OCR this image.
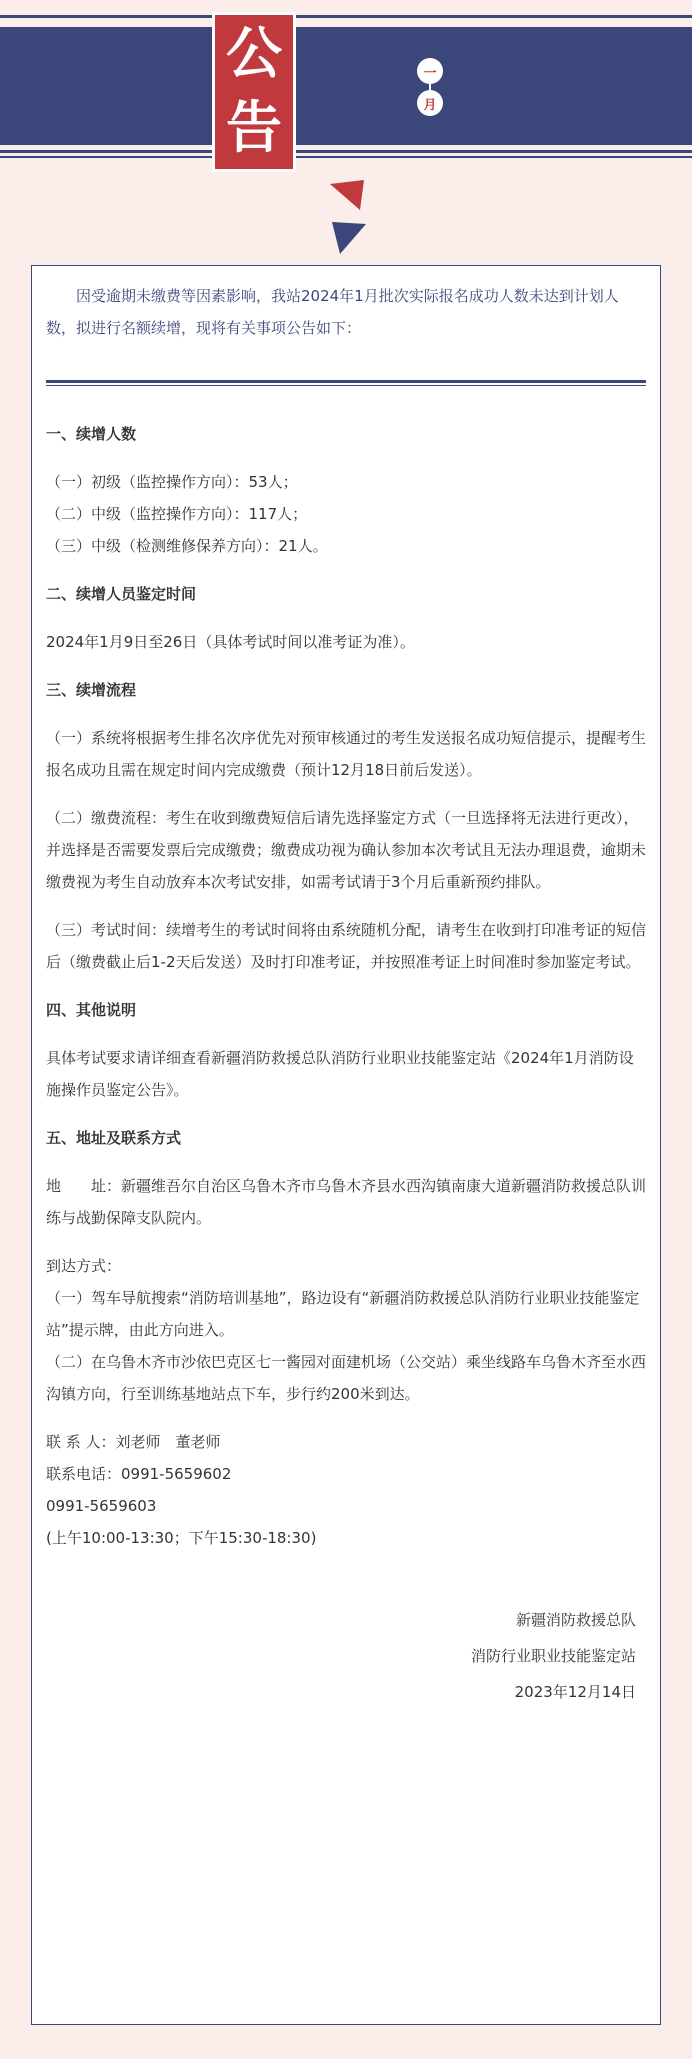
公
告
一
月

因受逾期未缴费等因素影响，我站2024年1月批次实际报名成功人数未达到计划人数，拟进行名额续增，现将有关事项公告如下：

一、续增人数

（一）初级（监控操作方向）：53人；

（二）中级（监控操作方向）：117人；

（三）中级（检测维修保养方向）：21人。

二、续增人员鉴定时间

2024年1月9日至26日（具体考试时间以准考证为准）。

三、续增流程

（一）系统将根据考生排名次序优先对预审核通过的考生发送报名成功短信提示，提醒考生报名成功且需在规定时间内完成缴费（预计12月18日前后发送）。

（二）缴费流程：考生在收到缴费短信后请先选择鉴定方式（一旦选择将无法进行更改），并选择是否需要发票后完成缴费；缴费成功视为确认参加本次考试且无法办理退费，逾期未缴费视为考生自动放弃本次考试安排，如需考试请于3个月后重新预约排队。

（三）考试时间：续增考生的考试时间将由系统随机分配，请考生在收到打印准考证的短信后（缴费截止后1-2天后发送）及时打印准考证，并按照准考证上时间准时参加鉴定考试。

四、其他说明

具体考试要求请详细查看新疆消防救援总队消防行业职业技能鉴定站《2024年1月消防设施操作员鉴定公告》。

五、地址及联系方式

地　　址：新疆维吾尔自治区乌鲁木齐市乌鲁木齐县水西沟镇南康大道新疆消防救援总队训练与战勤保障支队院内。

到达方式：

（一）驾车导航搜索“消防培训基地”，路边设有“新疆消防救援总队消防行业职业技能鉴定站”提示牌，由此方向进入。

（二）在乌鲁木齐市沙依巴克区七一酱园对面建机场（公交站）乘坐线路车乌鲁木齐至水西沟镇方向，行至训练基地站点下车，步行约200米到达。

联 系 人：刘老师　董老师

联系电话：0991-5659602

0991-5659603

(上午10:00-13:30；下午15:30-18:30)

新疆消防救援总队

消防行业职业技能鉴定站

2023年12月14日
